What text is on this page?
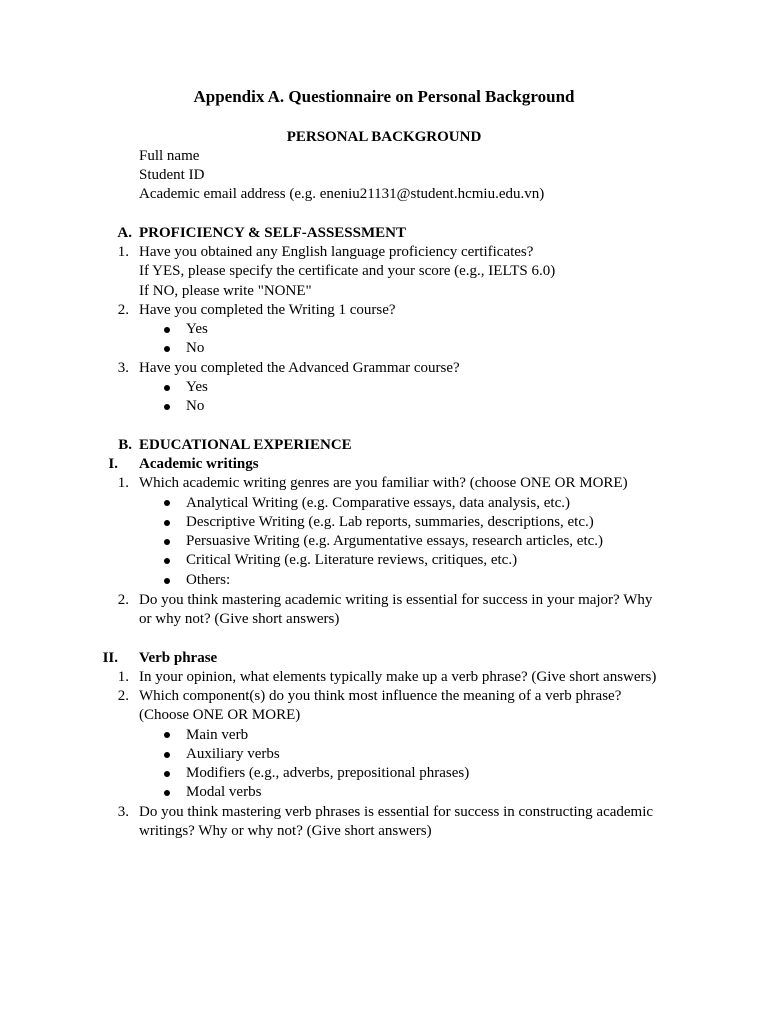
Appendix A. Questionnaire on Personal Background
PERSONAL BACKGROUND
Full name
Student ID
Academic email address (e.g. eneniu21131@student.hcmiu.edu.vn)
A. PROFICIENCY & SELF-ASSESSMENT
1. Have you obtained any English language proficiency certificates?
If YES, please specify the certificate and your score (e.g., IELTS 6.0)
If NO, please write "NONE"
2. Have you completed the Writing 1 course?
Yes
No
3. Have you completed the Advanced Grammar course?
Yes
No
B. EDUCATIONAL EXPERIENCE
I. Academic writings
1. Which academic writing genres are you familiar with? (choose ONE OR MORE)
Analytical Writing (e.g. Comparative essays, data analysis, etc.)
Descriptive Writing (e.g. Lab reports, summaries, descriptions, etc.)
Persuasive Writing (e.g. Argumentative essays, research articles, etc.)
Critical Writing (e.g. Literature reviews, critiques, etc.)
Others:
2. Do you think mastering academic writing is essential for success in your major? Why
or why not? (Give short answers)
II. Verb phrase
1. In your opinion, what elements typically make up a verb phrase? (Give short answers)
2. Which component(s) do you think most influence the meaning of a verb phrase?
(Choose ONE OR MORE)
Main verb
Auxiliary verbs
Modifiers (e.g., adverbs, prepositional phrases)
Modal verbs
3. Do you think mastering verb phrases is essential for success in constructing academic
writings? Why or why not? (Give short answers)
